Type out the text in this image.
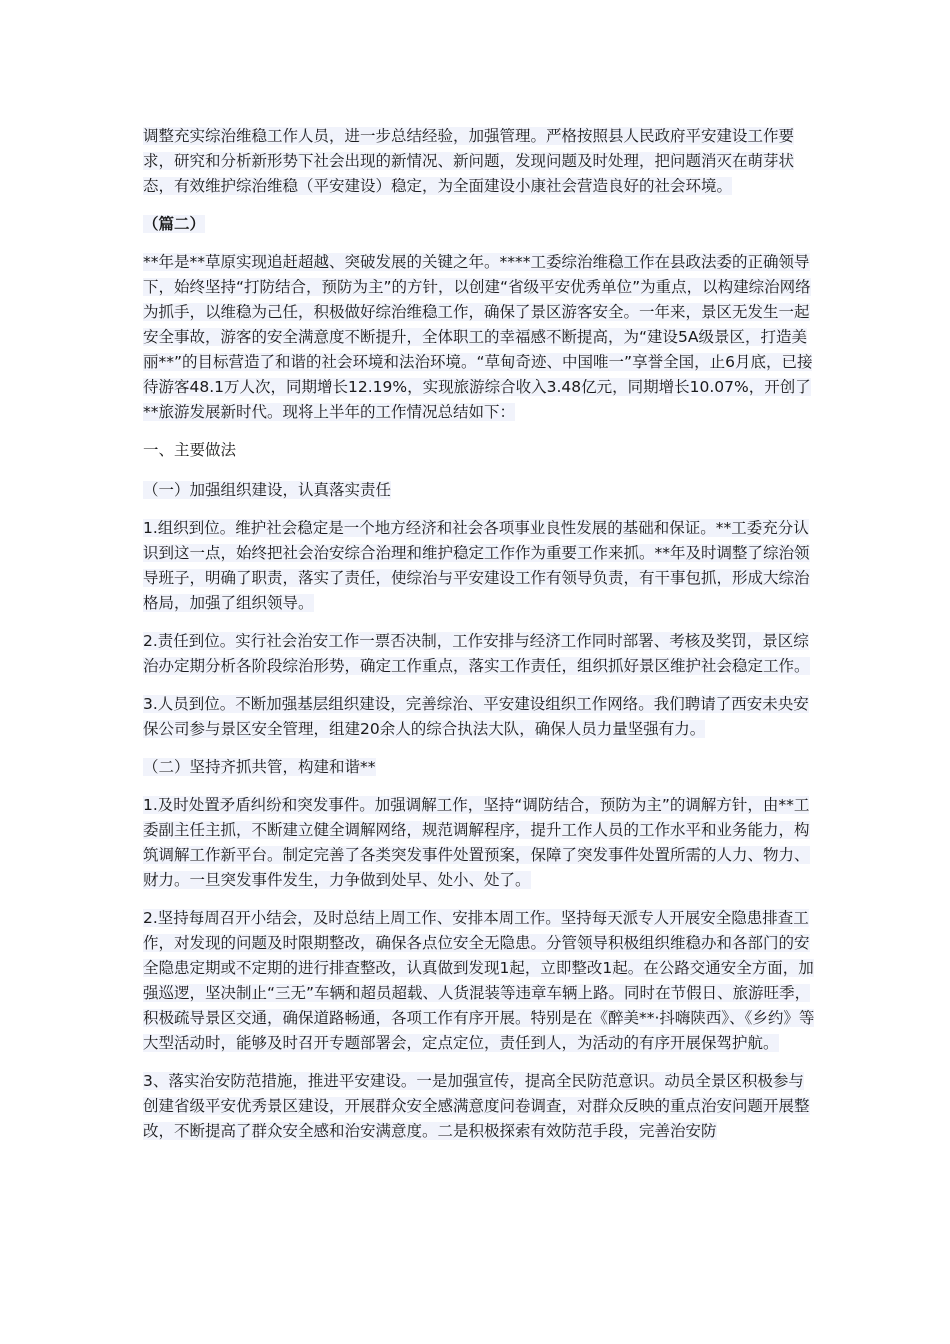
调整充实综治维稳工作人员，进一步总结经验，加强管理。严格按照县人民政府平安建设工作要求，研究和分析新形势下社会出现的新情况、新问题，发现问题及时处理，把问题消灭在萌芽状态，有效维护综治维稳（平安建设）稳定，为全面建设小康社会营造良好的社会环境。

（篇二）

**年是**草原实现追赶超越、突破发展的关键之年。****工委综治维稳工作在县政法委的正确领导下，始终坚持“打防结合，预防为主”的方针，以创建“省级平安优秀单位”为重点，以构建综治网络为抓手，以维稳为己任，积极做好综治维稳工作，确保了景区游客安全。一年来，景区无发生一起安全事故，游客的安全满意度不断提升，全体职工的幸福感不断提高，为“建设5A级景区，打造美丽**”的目标营造了和谐的社会环境和法治环境。“草甸奇迹、中国唯一”享誉全国，止6月底，已接待游客48.1万人次，同期增长12.19%，实现旅游综合收入3.48亿元，同期增长10.07%，开创了**旅游发展新时代。现将上半年的工作情况总结如下：

一、主要做法

（一）加强组织建设，认真落实责任

1.组织到位。维护社会稳定是一个地方经济和社会各项事业良性发展的基础和保证。**工委充分认识到这一点，始终把社会治安综合治理和维护稳定工作作为重要工作来抓。**年及时调整了综治领导班子，明确了职责，落实了责任，使综治与平安建设工作有领导负责，有干事包抓，形成大综治格局，加强了组织领导。

2.责任到位。实行社会治安工作一票否决制，工作安排与经济工作同时部署、考核及奖罚，景区综治办定期分析各阶段综治形势，确定工作重点，落实工作责任，组织抓好景区维护社会稳定工作。

3.人员到位。不断加强基层组织建设，完善综治、平安建设组织工作网络。我们聘请了西安未央安保公司参与景区安全管理，组建20余人的综合执法大队，确保人员力量坚强有力。

（二）坚持齐抓共管，构建和谐**

1.及时处置矛盾纠纷和突发事件。加强调解工作，坚持“调防结合，预防为主”的调解方针，由**工委副主任主抓，不断建立健全调解网络，规范调解程序，提升工作人员的工作水平和业务能力，构筑调解工作新平台。制定完善了各类突发事件处置预案，保障了突发事件处置所需的人力、物力、财力。一旦突发事件发生，力争做到处早、处小、处了。

2.坚持每周召开小结会，及时总结上周工作、安排本周工作。坚持每天派专人开展安全隐患排查工作，对发现的问题及时限期整改，确保各点位安全无隐患。分管领导积极组织维稳办和各部门的安全隐患定期或不定期的进行排查整改，认真做到发现1起，立即整改1起。在公路交通安全方面，加强巡逻，坚决制止“三无”车辆和超员超载、人货混装等违章车辆上路。同时在节假日、旅游旺季，积极疏导景区交通，确保道路畅通，各项工作有序开展。特别是在《醉美**·抖嗨陕西》、《乡约》等大型活动时，能够及时召开专题部署会，定点定位，责任到人，为活动的有序开展保驾护航。

3、落实治安防范措施，推进平安建设。一是加强宣传，提高全民防范意识。动员全景区积极参与创建省级平安优秀景区建设，开展群众安全感满意度问卷调查，对群众反映的重点治安问题开展整改，不断提高了群众安全感和治安满意度。二是积极探索有效防范手段，完善治安防
